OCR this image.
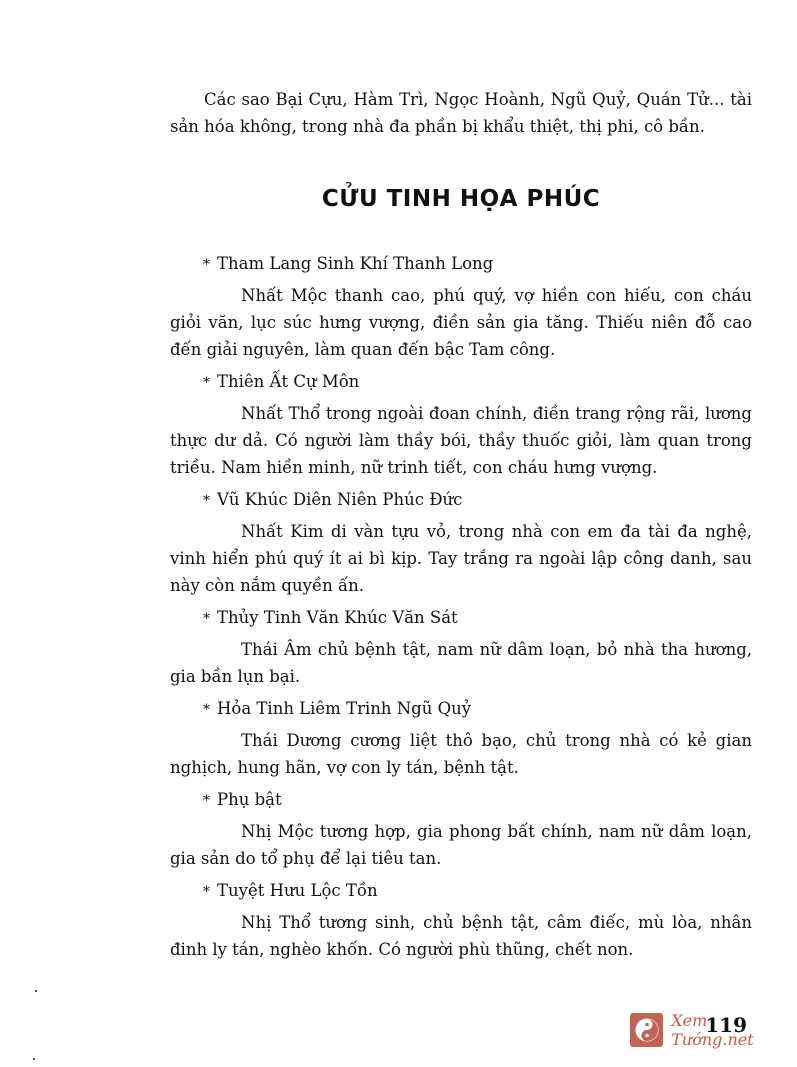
Các sao Bại Cựu, Hàm Trì, Ngọc Hoành, Ngũ Quỷ, Quán Tử... tài sản hóa không, trong nhà đa phần bị khẩu thiệt, thị phi, cô bần.

CỬU TINH HỌA PHÚC

* Tham Lang Sinh Khí Thanh Long

Nhất Mộc thanh cao, phú quý, vợ hiền con hiếu, con cháu giỏi văn, lục súc hưng vượng, điền sản gia tăng. Thiếu niên đỗ cao đến giải nguyên, làm quan đến bậc Tam công.

* Thiên Ất Cự Môn

Nhất Thổ trong ngoài đoan chính, điền trang rộng rãi, lương thực dư dả. Có người làm thầy bói, thầy thuốc giỏi, làm quan trong triều. Nam hiền minh, nữ trinh tiết, con cháu hưng vượng.

* Vũ Khúc Diên Niên Phúc Đức

Nhất Kim di vàn tựu vỏ, trong nhà con em đa tài đa nghệ, vinh hiển phú quý ít ai bì kịp. Tay trắng ra ngoài lập công danh, sau này còn nắm quyền ấn.

* Thủy Tinh Văn Khúc Văn Sát

Thái Âm chủ bệnh tật, nam nữ dâm loạn, bỏ nhà tha hương, gia bần lụn bại.

* Hỏa Tinh Liêm Trinh Ngũ Quỷ

Thái Dương cương liệt thô bạo, chủ trong nhà có kẻ gian nghịch, hung hãn, vợ con ly tán, bệnh tật.

* Phụ bật

Nhị Mộc tương hợp, gia phong bất chính, nam nữ dâm loạn, gia sản do tổ phụ để lại tiêu tan.

* Tuyệt Hưu Lộc Tồn

Nhị Thổ tương sinh, chủ bệnh tật, câm điếc, mù lòa, nhân đinh ly tán, nghèo khốn. Có người phù thũng, chết non.

Xem Tướng.net
119
